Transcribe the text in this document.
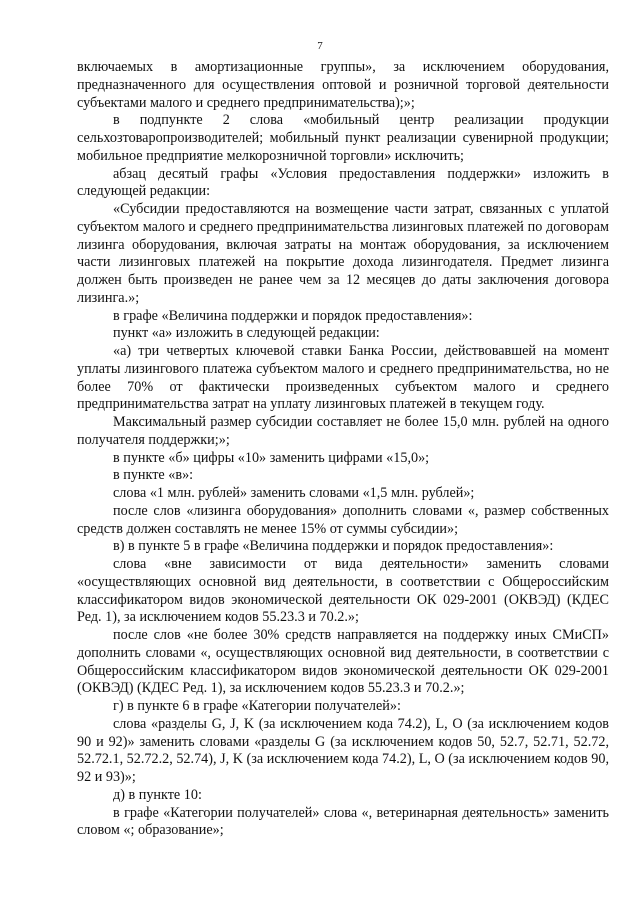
7

включаемых в амортизационные группы», за исключением оборудования, предназначенного для осуществления оптовой и розничной торговой деятельности субъектами малого и среднего предпринимательства);»;

в подпункте 2 слова «мобильный центр реализации продукции сельхозтоваропроизводителей; мобильный пункт реализации сувенирной продукции; мобильное предприятие мелкорозничной торговли» исключить;

абзац десятый графы «Условия предоставления поддержки» изложить в следующей редакции:

«Субсидии предоставляются на возмещение части затрат, связанных с уплатой субъектом малого и среднего предпринимательства лизинговых платежей по договорам лизинга оборудования, включая затраты на монтаж оборудования, за исключением части лизинговых платежей на покрытие дохода лизингодателя. Предмет лизинга должен быть произведен не ранее чем за 12 месяцев до даты заключения договора лизинга.»;

в графе «Величина поддержки и порядок предоставления»:

пункт «а» изложить в следующей редакции:

«а) три четвертых ключевой ставки Банка России, действовавшей на момент уплаты лизингового платежа субъектом малого и среднего предпринимательства, но не более 70% от фактически произведенных субъектом малого и среднего предпринимательства затрат на уплату лизинговых платежей в текущем году.

Максимальный размер субсидии составляет не более 15,0 млн. рублей на одного получателя поддержки;»;

в пункте «б» цифры «10» заменить цифрами «15,0»;

в пункте «в»:

слова «1 млн. рублей» заменить словами «1,5 млн. рублей»;

после слов «лизинга оборудования» дополнить словами «, размер собственных средств должен составлять не менее 15% от суммы субсидии»;

в) в пункте 5 в графе «Величина поддержки и порядок предоставления»:

слова «вне зависимости от вида деятельности» заменить словами «осуществляющих основной вид деятельности, в соответствии с Общероссийским классификатором видов экономической деятельности ОК 029-2001 (ОКВЭД) (КДЕС Ред. 1), за исключением кодов 55.23.3 и 70.2.»;

после слов «не более 30% средств направляется на поддержку иных СМиСП» дополнить словами «, осуществляющих основной вид деятельности, в соответствии с Общероссийским классификатором видов экономической деятельности ОК 029-2001 (ОКВЭД) (КДЕС Ред. 1), за исключением кодов 55.23.3 и 70.2.»;

г) в пункте 6 в графе «Категории получателей»:

слова «разделы G, J, K (за исключением кода 74.2), L, O (за исключением кодов 90 и 92)» заменить словами «разделы G (за исключением кодов 50, 52.7, 52.71, 52.72, 52.72.1, 52.72.2, 52.74), J, K (за исключением кода 74.2), L, O (за исключением кодов 90, 92 и 93)»;

д) в пункте 10:

в графе «Категории получателей» слова «, ветеринарная деятельность» заменить словом «; образование»;
